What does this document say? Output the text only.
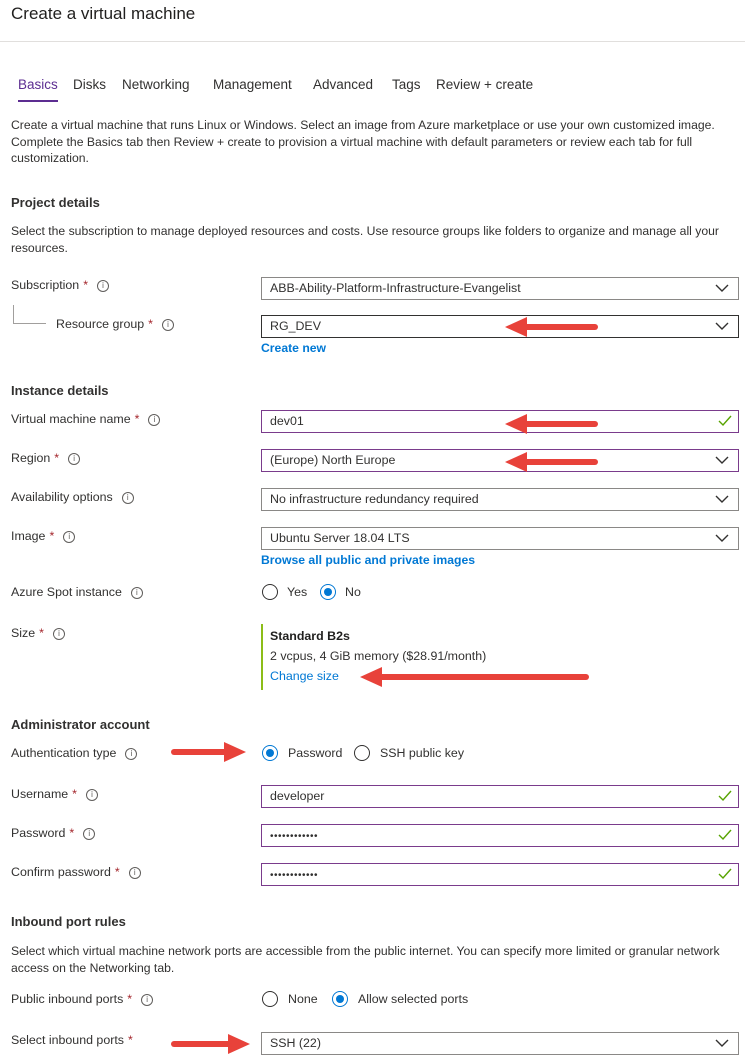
Create a virtual machine
Basics Disks Networking Management Advanced Tags Review + create
Create a virtual machine that runs Linux or Windows. Select an image from Azure marketplace or use your own customized image.
Complete the Basics tab then Review + create to provision a virtual machine with default parameters or review each tab for full customization.
Project details
Select the subscription to manage deployed resources and costs. Use resource groups like folders to organize and manage all your resources.
Subscription * i	ABB-Ability-Platform-Infrastructure-Evangelist
Resource group * i	RG_DEV
Create new
Instance details
Virtual machine name * i	dev01
Region * i	(Europe) North Europe
Availability options i	No infrastructure redundancy required
Image * i	Ubuntu Server 18.04 LTS
Browse all public and private images
Azure Spot instance i	Yes	No
Size * i	Standard B2s
2 vcpus, 4 GiB memory ($28.91/month)
Change size
Administrator account
Authentication type i	Password	SSH public key
Username * i	developer
Password * i	••••••••••••
Confirm password * i	••••••••••••
Inbound port rules
Select which virtual machine network ports are accessible from the public internet. You can specify more limited or granular network access on the Networking tab.
Public inbound ports * i	None	Allow selected ports
Select inbound ports *	SSH (22)
